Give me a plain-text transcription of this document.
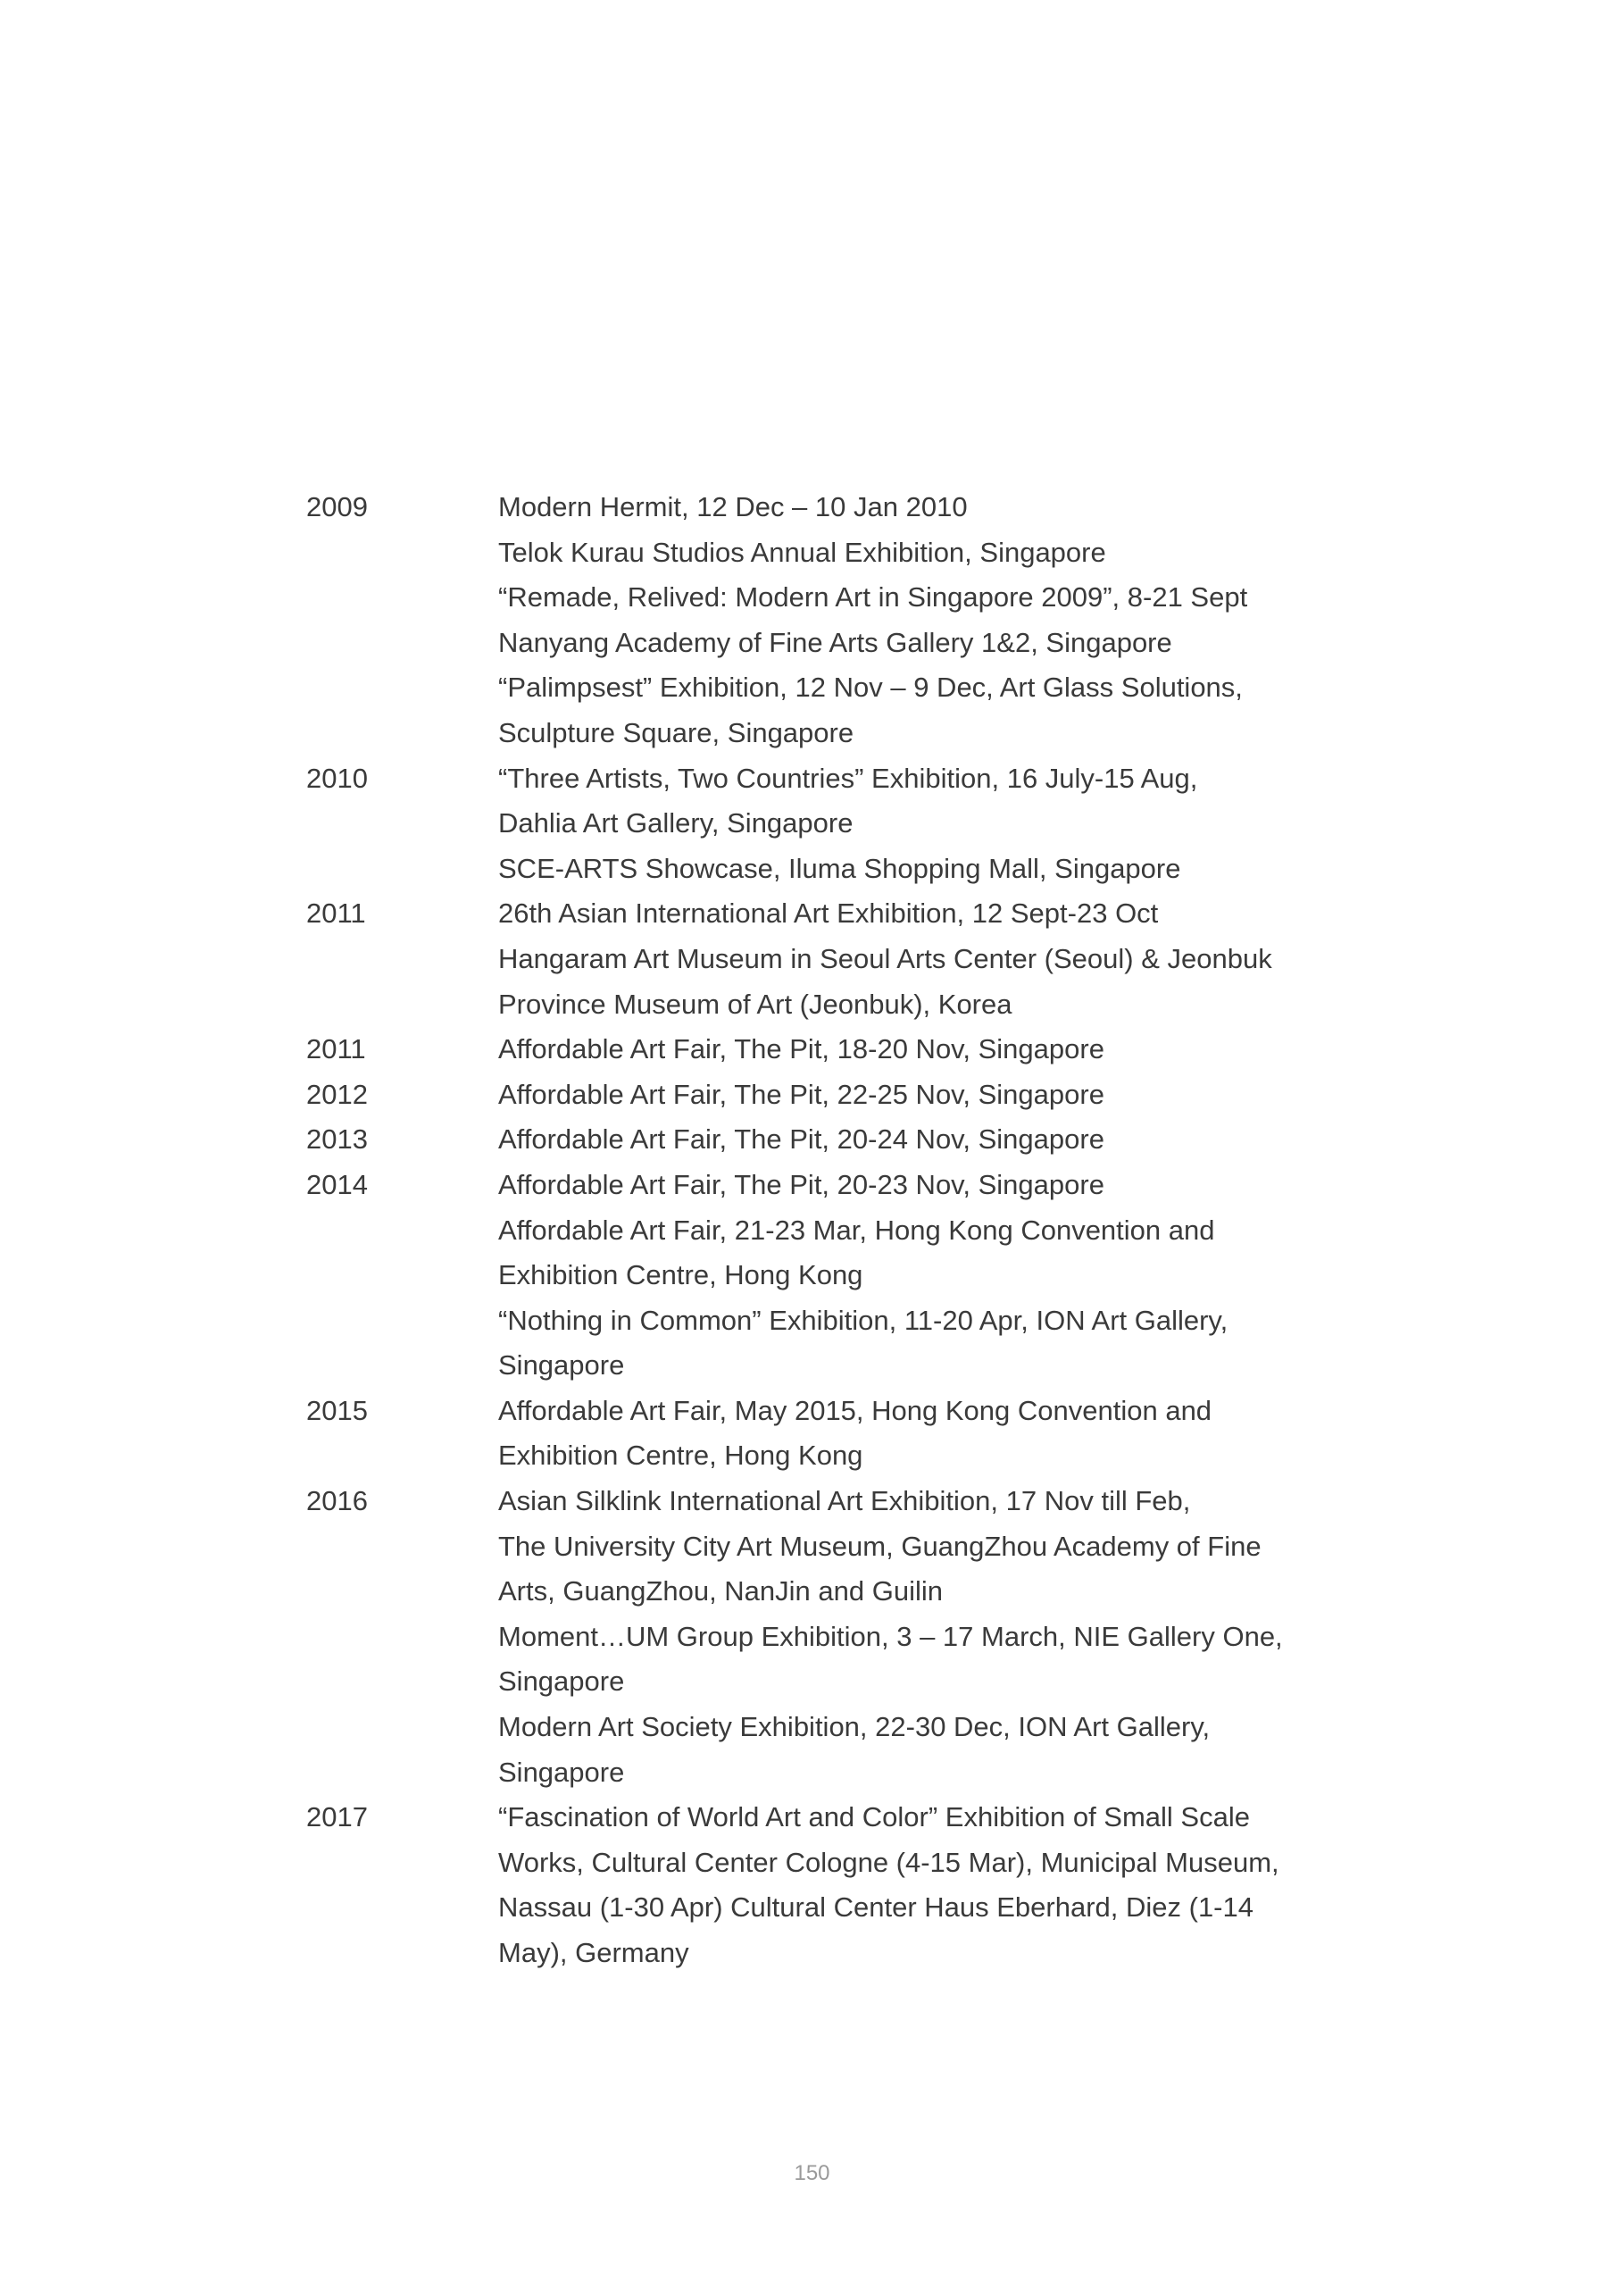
2009	Modern Hermit, 12 Dec – 10 Jan 2010
Telok Kurau Studios Annual Exhibition, Singapore
“Remade, Relived: Modern Art in Singapore 2009”, 8-21 Sept
Nanyang Academy of Fine Arts Gallery 1&2, Singapore
“Palimpsest” Exhibition, 12 Nov – 9 Dec, Art Glass Solutions,
Sculpture Square, Singapore
2010	“Three Artists, Two Countries” Exhibition, 16 July-15 Aug,
Dahlia Art Gallery, Singapore
SCE-ARTS Showcase, Iluma Shopping Mall, Singapore
2011	26th Asian International Art Exhibition, 12 Sept-23 Oct
Hangaram Art Museum in Seoul Arts Center (Seoul) & Jeonbuk
Province Museum of Art (Jeonbuk), Korea
2011	Affordable Art Fair, The Pit, 18-20 Nov, Singapore
2012	Affordable Art Fair, The Pit, 22-25 Nov, Singapore
2013	Affordable Art Fair, The Pit, 20-24 Nov, Singapore
2014	Affordable Art Fair, The Pit, 20-23 Nov, Singapore
Affordable Art Fair, 21-23 Mar, Hong Kong Convention and
Exhibition Centre, Hong Kong
“Nothing in Common” Exhibition, 11-20 Apr, ION Art Gallery,
Singapore
2015	Affordable Art Fair, May 2015, Hong Kong Convention and
Exhibition Centre, Hong Kong
2016	Asian Silklink International Art Exhibition, 17 Nov till Feb,
The University City Art Museum, GuangZhou Academy of Fine
Arts, GuangZhou, NanJin and Guilin
Moment…UM Group Exhibition, 3 – 17 March, NIE Gallery One,
Singapore
Modern Art Society Exhibition, 22-30 Dec, ION Art Gallery,
Singapore
2017	“Fascination of World Art and Color” Exhibition of Small Scale
Works, Cultural Center Cologne (4-15 Mar), Municipal Museum,
Nassau (1-30 Apr) Cultural Center Haus Eberhard, Diez (1-14
May), Germany
150
